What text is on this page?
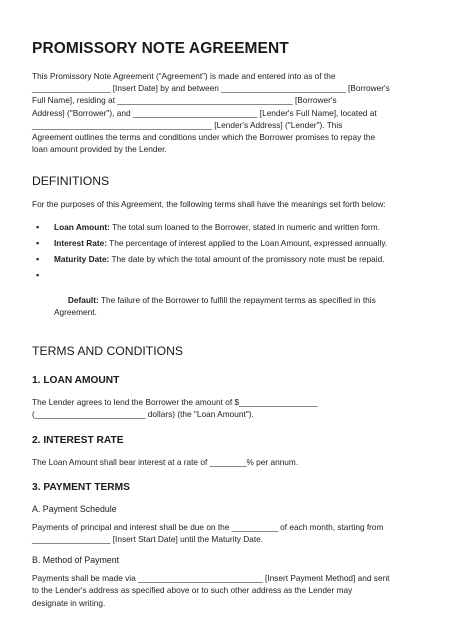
PROMISSORY NOTE AGREEMENT

This Promissory Note Agreement (“Agreement”) is made and entered into as of the
_________________ [Insert Date] by and between ___________________________ [Borrower's
Full Name], residing at ______________________________________ [Borrower's
Address] ("Borrower"), and ___________________________ [Lender's Full Name], located at
_______________________________________ [Lender's Address] ("Lender"). This
Agreement outlines the terms and conditions under which the Borrower promises to repay the
loan amount provided by the Lender.

DEFINITIONS

For the purposes of this Agreement, the following terms shall have the meanings set forth below:

▪ Loan Amount: The total sum loaned to the Borrower, stated in numeric and written form.
▪ Interest Rate: The percentage of interest applied to the Loan Amount, expressed annually.
▪ Maturity Date: The date by which the total amount of the promissory note must be repaid.

▪

Default: The failure of the Borrower to fulfill the repayment terms as specified in this
Agreement.

TERMS AND CONDITIONS
1. LOAN AMOUNT

The Lender agrees to lend the Borrower the amount of $_________________
(________________________ dollars) (the "Loan Amount").

2. INTEREST RATE

The Loan Amount shall bear interest at a rate of ________% per annum.

3. PAYMENT TERMS
A. Payment Schedule

Payments of principal and interest shall be due on the __________ of each month, starting from
_________________ [Insert Start Date] until the Maturity Date.

B. Method of Payment

Payments shall be made via ___________________________ [Insert Payment Method] and sent
to the Lender's address as specified above or to such other address as the Lender may
designate in writing.
